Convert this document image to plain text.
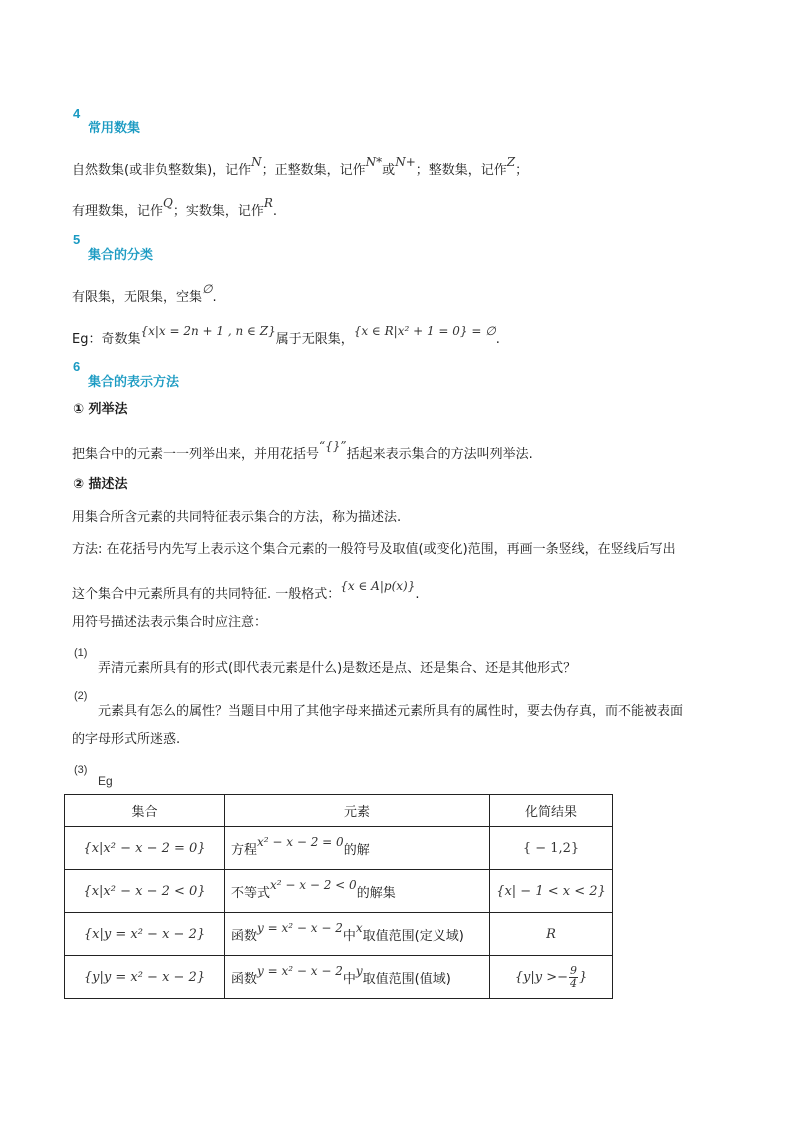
4
常用数集
自然数集(或非负整数集)，记作N；正整数集，记作N*或N+；整数集，记作Z；
有理数集，记作Q；实数集，记作R.
5
集合的分类
有限集，无限集，空集∅.
Eg：奇数集{x|x = 2n + 1 , n ∈ Z}属于无限集，{x ∈ R|x² + 1 = 0} = ∅.
6
集合的表示方法
① 列举法
把集合中的元素一一列举出来，并用花括号“{}”括起来表示集合的方法叫列举法.
② 描述法
用集合所含元素的共同特征表示集合的方法，称为描述法.
方法: 在花括号内先写上表示这个集合元素的一般符号及取值(或变化)范围，再画一条竖线，在竖线后写出
这个集合中元素所具有的共同特征. 一般格式：{x ∈ A|p(x)}.
用符号描述法表示集合时应注意：
(1)
弄清元素所具有的形式(即代表元素是什么)是数还是点、还是集合、还是其他形式？
(2)
元素具有怎么的属性？当题目中用了其他字母来描述元素所具有的属性时，要去伪存真，而不能被表面
的字母形式所迷惑.
(3)
Eg
集合	元素	化简结果
{x|x² − x − 2 = 0}	方程x² − x − 2 = 0的解	{ − 1,2}
{x|x² − x − 2 < 0}	不等式x² − x − 2 < 0的解集	{x| − 1 < x < 2}
{x|y = x² − x − 2}	函数y = x² − x − 2中x取值范围(定义域)	R
{y|y = x² − x − 2}	函数y = x² − x − 2中y取值范围(值域)	{$y|y >- \frac{9}{4}$ }
